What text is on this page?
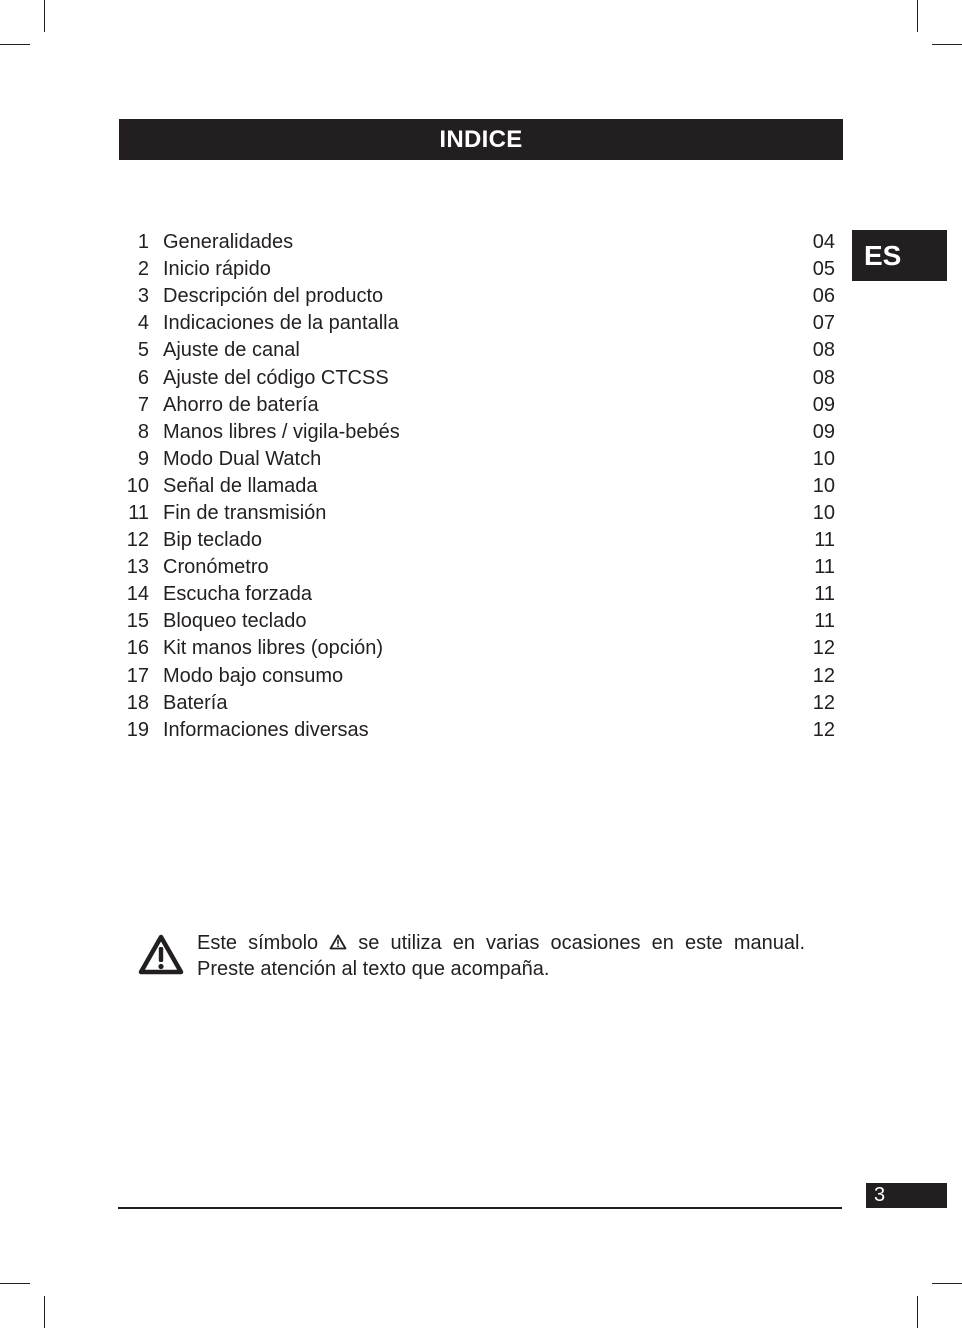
INDICE
ES
1 Generalidades	04
2 Inicio rápido	05
3 Descripción del producto	06
4 Indicaciones de la pantalla	07
5 Ajuste de canal	08
6 Ajuste del código CTCSS	08
7 Ahorro de batería	09
8 Manos libres / vigila-bebés	09
9 Modo Dual Watch	10
10 Señal de llamada	10
11 Fin de transmisión	10
12 Bip teclado	11
13 Cronómetro	11
14 Escucha forzada	11
15 Bloqueo teclado	11
16 Kit manos libres (opción)	12
17 Modo bajo consumo	12
18 Batería	12
19 Informaciones diversas	12
Este símbolo se utiliza en varias ocasiones en este manual.
Preste atención al texto que acompaña.
3
